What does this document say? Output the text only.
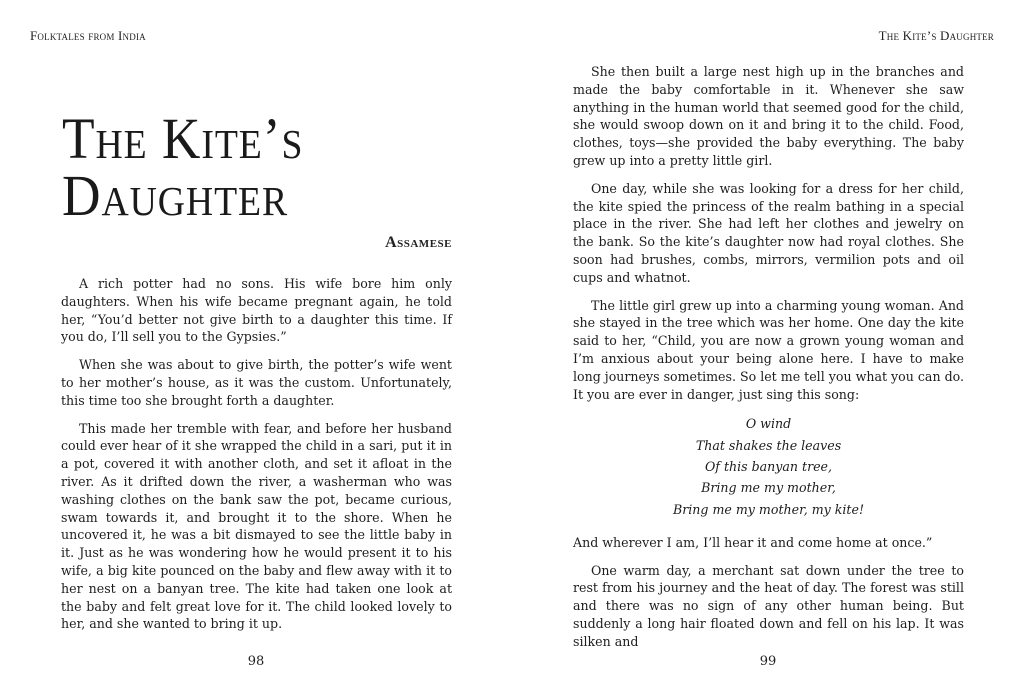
Folktales from India
The Kite’s
Daughter
Assamese

A rich potter had no sons. His wife bore him only daughters. When his wife became pregnant again, he told her, “You’d better not give birth to a daughter this time. If you do, I’ll sell you to the Gypsies.”

When she was about to give birth, the potter’s wife went to her mother’s house, as it was the custom. Unfortunately, this time too she brought forth a daughter.

This made her tremble with fear, and before her husband could ever hear of it she wrapped the child in a sari, put it in a pot, covered it with another cloth, and set it afloat in the river. As it drifted down the river, a washerman who was washing clothes on the bank saw the pot, became curious, swam towards it, and brought it to the shore. When he uncovered it, he was a bit dismayed to see the little baby in it. Just as he was wondering how he would present it to his wife, a big kite pounced on the baby and flew away with it to her nest on a banyan tree. The kite had taken one look at the baby and felt great love for it. The child looked lovely to her, and she wanted to bring it up.

98
The Kite’s Daughter

She then built a large nest high up in the branches and made the baby comfortable in it. Whenever she saw anything in the human world that seemed good for the child, she would swoop down on it and bring it to the child. Food, clothes, toys—she provided the baby everything. The baby grew up into a pretty little girl.

One day, while she was looking for a dress for her child, the kite spied the princess of the realm bathing in a special place in the river. She had left her clothes and jewelry on the bank. So the kite’s daughter now had royal clothes. She soon had brushes, combs, mirrors, vermilion pots and oil cups and whatnot.

The little girl grew up into a charming young woman. And she stayed in the tree which was her home. One day the kite said to her, “Child, you are now a grown young woman and I’m anxious about your being alone here. I have to make long journeys sometimes. So let me tell you what you can do. It you are ever in danger, just sing this song:

O wind
That shakes the leaves
Of this banyan tree,
Bring me my mother,
Bring me my mother, my kite!

And wherever I am, I’ll hear it and come home at once.”

One warm day, a merchant sat down under the tree to rest from his journey and the heat of day. The forest was still and there was no sign of any other human being. But suddenly a long hair floated down and fell on his lap. It was silken and

99
